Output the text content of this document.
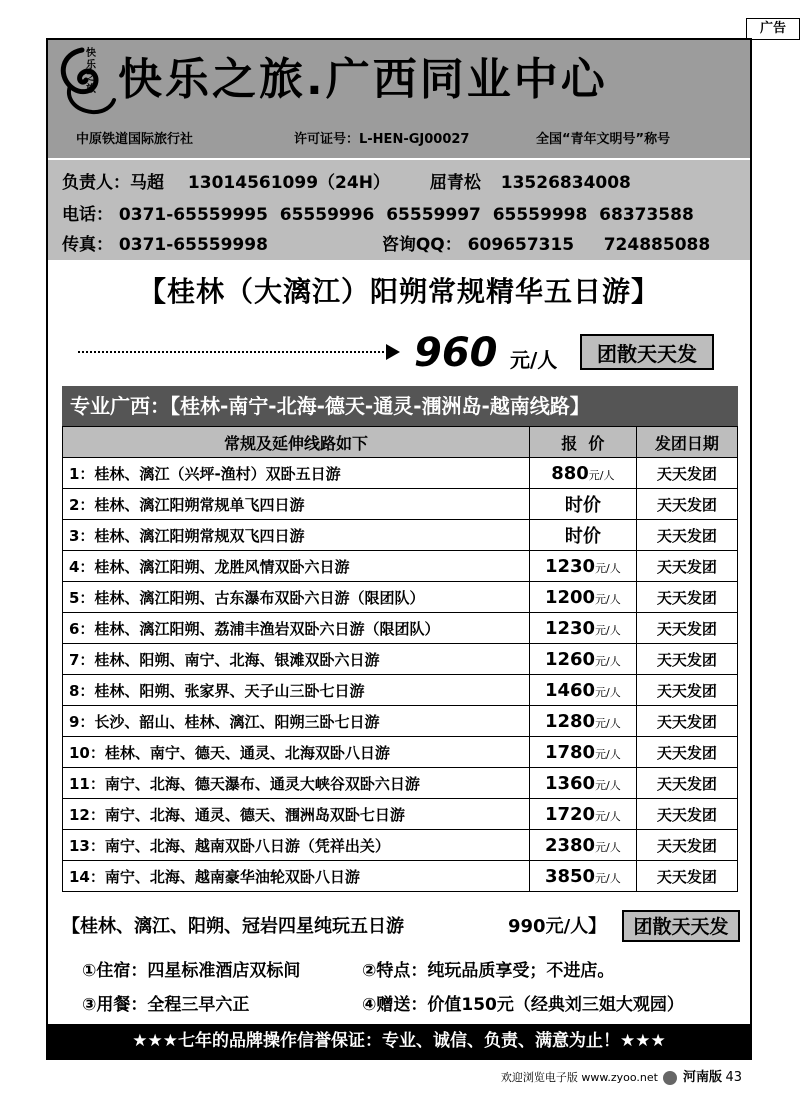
广告
快乐之旅 快乐之旅.广西同业中心
中原铁道国际旅行社	许可证号：L-HEN-GJ00027	全国“青年文明号”称号
负责人：马超 13014561099（24H） 屈青松 13526834008
电话： 0371-65559995  65559996  65559997  65559998  68373588
传真： 0371-65559998	咨询QQ： 609657315     724885088
【桂林（大漓江）阳朔常规精华五日游】
960 元/人	团散天天发
专业广西：【桂林-南宁-北海-德天-通灵-涠洲岛-越南线路】
常规及延伸线路如下	报  价	发团日期
1：桂林、漓江（兴坪-渔村）双卧五日游	880元/人	天天发团
2：桂林、漓江阳朔常规单飞四日游	时价	天天发团
3：桂林、漓江阳朔常规双飞四日游	时价	天天发团
4：桂林、漓江阳朔、龙胜风情双卧六日游	1230元/人	天天发团
5：桂林、漓江阳朔、古东瀑布双卧六日游（限团队）	1200元/人	天天发团
6：桂林、漓江阳朔、荔浦丰渔岩双卧六日游（限团队）	1230元/人	天天发团
7：桂林、阳朔、南宁、北海、银滩双卧六日游	1260元/人	天天发团
8：桂林、阳朔、张家界、天子山三卧七日游	1460元/人	天天发团
9：长沙、韶山、桂林、漓江、阳朔三卧七日游	1280元/人	天天发团
10：桂林、南宁、德天、通灵、北海双卧八日游	1780元/人	天天发团
11：南宁、北海、德天瀑布、通灵大峡谷双卧六日游	1360元/人	天天发团
12：南宁、北海、通灵、德天、涠洲岛双卧七日游	1720元/人	天天发团
13：南宁、北海、越南双卧八日游（凭祥出关）	2380元/人	天天发团
14：南宁、北海、越南豪华油轮双卧八日游	3850元/人	天天发团
【桂林、漓江、阳朔、冠岩四星纯玩五日游	990元/人】	团散天天发
①住宿：四星标准酒店双标间	②特点：纯玩品质享受；不进店。
③用餐：全程三早六正	④赠送：价值150元（经典刘三姐大观园）
★★★七年的品牌操作信誉保证：专业、诚信、负责、满意为止！★★★
欢迎浏览电子版 www.zyoo.net 河南版 43
